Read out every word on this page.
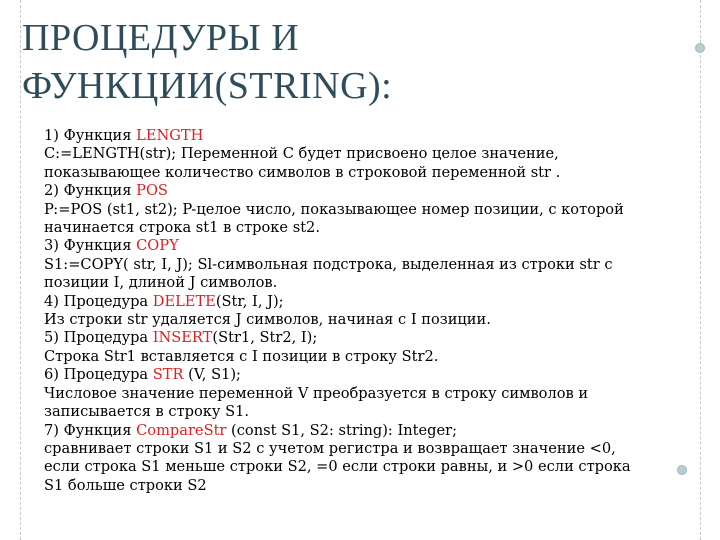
ПРОЦЕДУРЫ И
ФУНКЦИИ(STRING):
1) Функция LENGTH
C:=LENGTH(str); Переменной C будет присвоено целое значение,
показывающее количество символов в строковой переменной str .
2) Функция POS
P:=POS (st1, st2); P-целое число, показывающее номер позиции, с которой
начинается строка st1 в строке st2.
3) Функция COPY
S1:=COPY( str, I, J); Sl-символьная подстрока, выделенная из строки str с
позиции I, длиной J символов.
4) Процедура DELETE(Str, I, J);
Из строки str удаляется J символов, начиная с I позиции.
5) Процедура INSERT(Str1, Str2, I);
Строка Str1 вставляется с I позиции в строку Str2.
6) Процедура STR (V, S1);
Числовое значение переменной V преобразуется в строку символов и
записывается в строку S1.
7) Функция CompareStr (const S1, S2: string): Integer;
сравнивает строки S1 и S2 с учетом регистра и возвращает значение <0,
если строка S1 меньше строки S2, =0 если строки равны, и >0 если строка
S1 больше строки S2
